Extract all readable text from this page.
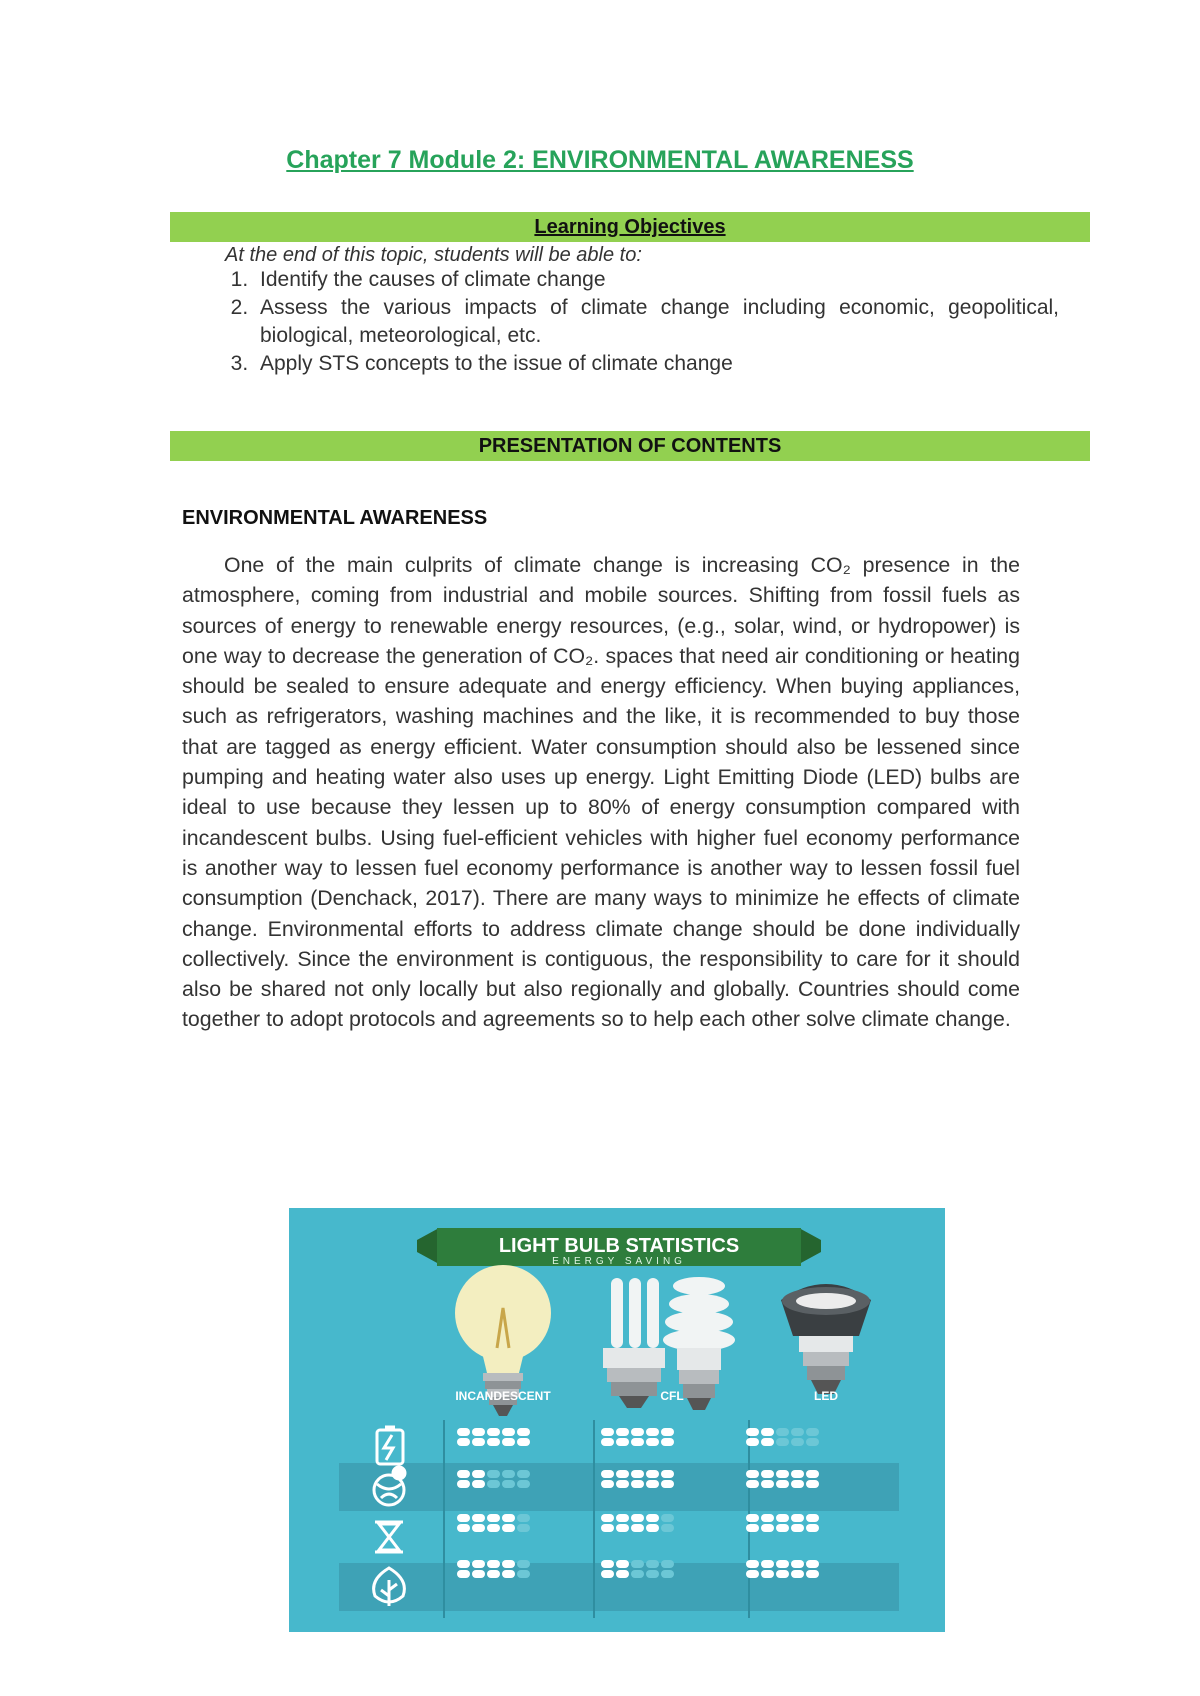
Chapter 7 Module 2: ENVIRONMENTAL AWARENESS
Learning Objectives
At the end of this topic, students will be able to:
1. Identify the causes of climate change
2. Assess the various impacts of climate change including economic, geopolitical, biological, meteorological, etc.
3. Apply STS concepts to the issue of climate change
PRESENTATION OF CONTENTS
ENVIRONMENTAL AWARENESS

One of the main culprits of climate change is increasing CO₂ presence in the atmosphere, coming from industrial and mobile sources. Shifting from fossil fuels as sources of energy to renewable energy resources, (e.g., solar, wind, or hydropower) is one way to decrease the generation of CO₂. spaces that need air conditioning or heating should be sealed to ensure adequate and energy efficiency. When buying appliances, such as refrigerators, washing machines and the like, it is recommended to buy those that are tagged as energy efficient. Water consumption should also be lessened since pumping and heating water also uses up energy. Light Emitting Diode (LED) bulbs are ideal to use because they lessen up to 80% of energy consumption compared with incandescent bulbs. Using fuel-efficient vehicles with higher fuel economy performance is another way to lessen fuel economy performance is another way to lessen fossil fuel consumption (Denchack, 2017). There are many ways to minimize he effects of climate change. Environmental efforts to address climate change should be done individually collectively. Since the environment is contiguous, the responsibility to care for it should also be shared not only locally but also regionally and globally. Countries should come together to adopt protocols and agreements so to help each other solve climate change.

LIGHT BULB STATISTICS
ENERGY SAVING
INCANDESCENT	CFL	LED
